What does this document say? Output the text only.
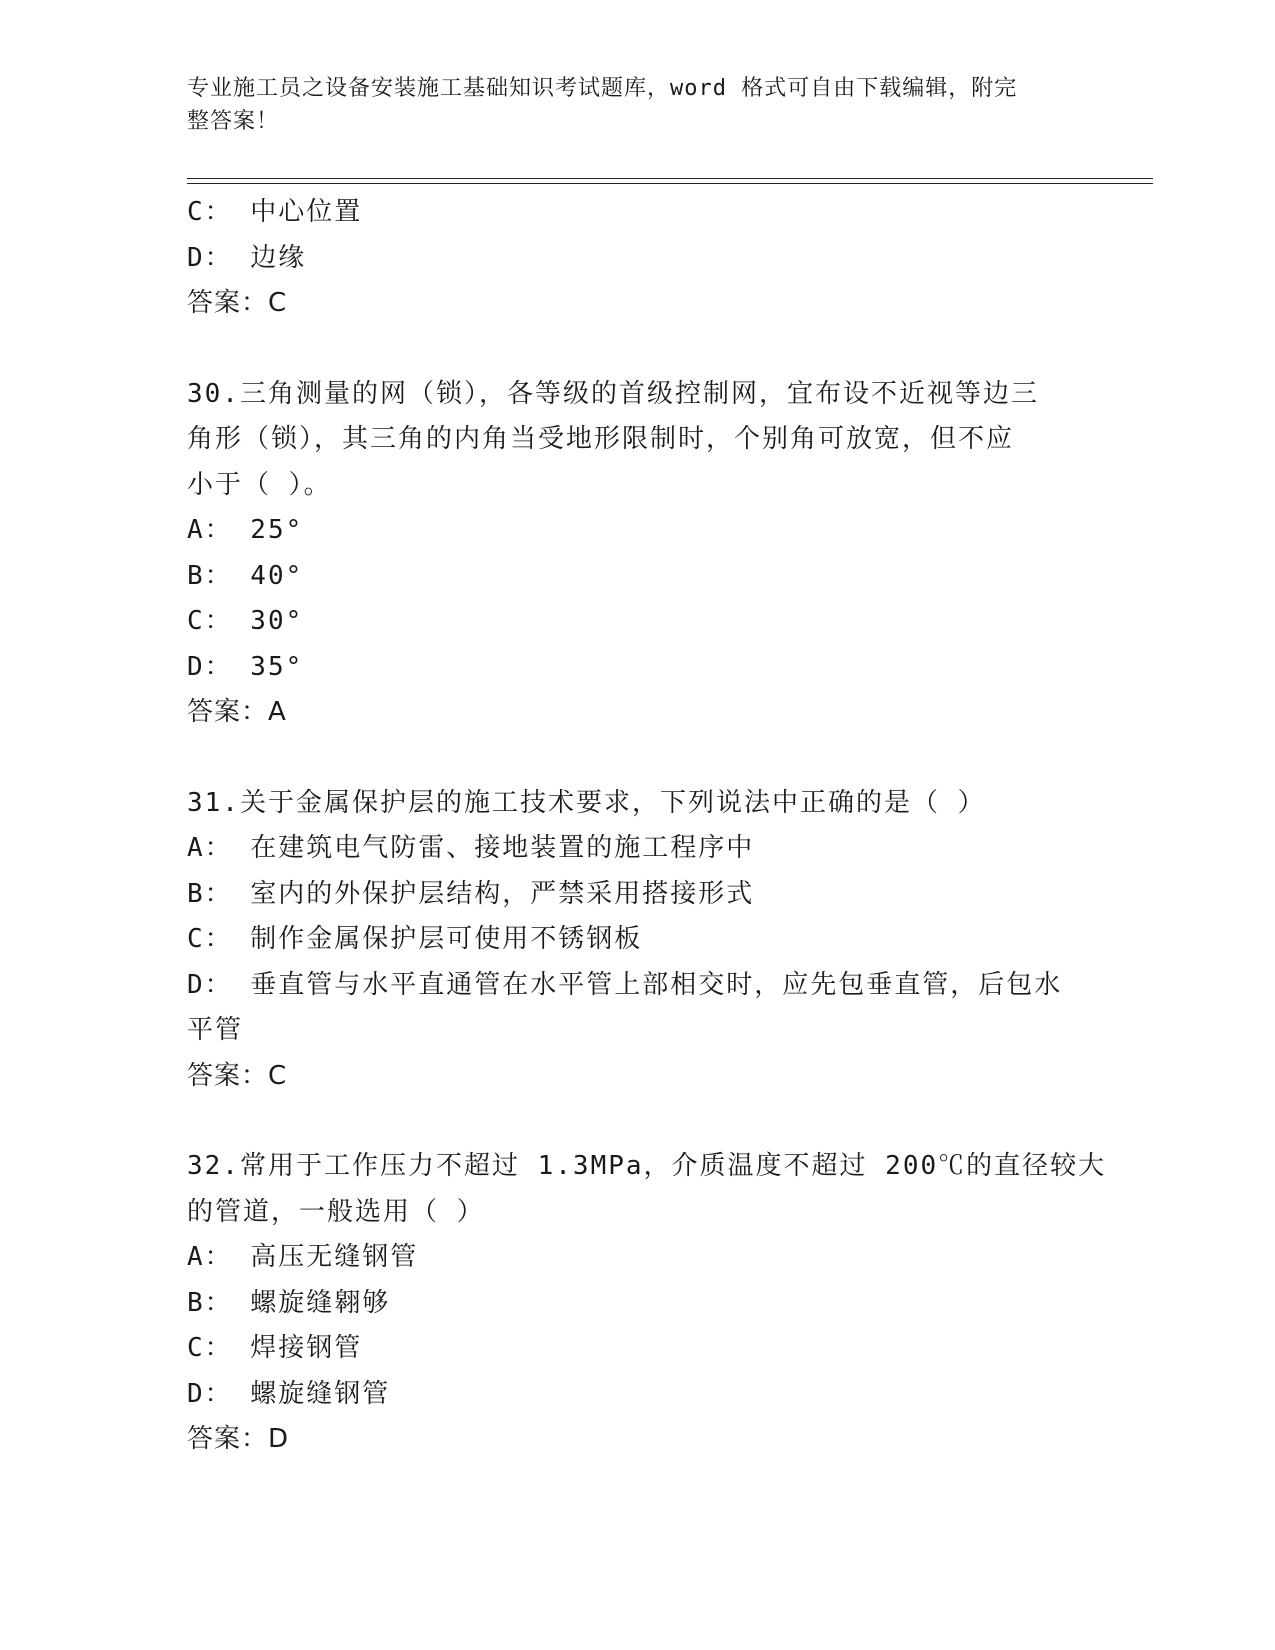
专业施工员之设备安装施工基础知识考试题库，word 格式可自由下载编辑，附完
整答案！
C： 中心位置
D： 边缘
答案：C
30.三角测量的网（锁），各等级的首级控制网，宜布设不近视等边三
角形（锁），其三角的内角当受地形限制时，个别角可放宽，但不应
小于（ ）。
A： 25°
B： 40°
C： 30°
D： 35°
答案：A
31.关于金属保护层的施工技术要求，下列说法中正确的是（ ）
A： 在建筑电气防雷、接地装置的施工程序中
B： 室内的外保护层结构，严禁采用搭接形式
C： 制作金属保护层可使用不锈钢板
D： 垂直管与水平直通管在水平管上部相交时，应先包垂直管，后包水
平管
答案：C
32.常用于工作压力不超过 1.3MPa，介质温度不超过 200℃的直径较大
的管道，一般选用（ ）
A： 高压无缝钢管
B： 螺旋缝翱够
C： 焊接钢管
D： 螺旋缝钢管
答案：D
